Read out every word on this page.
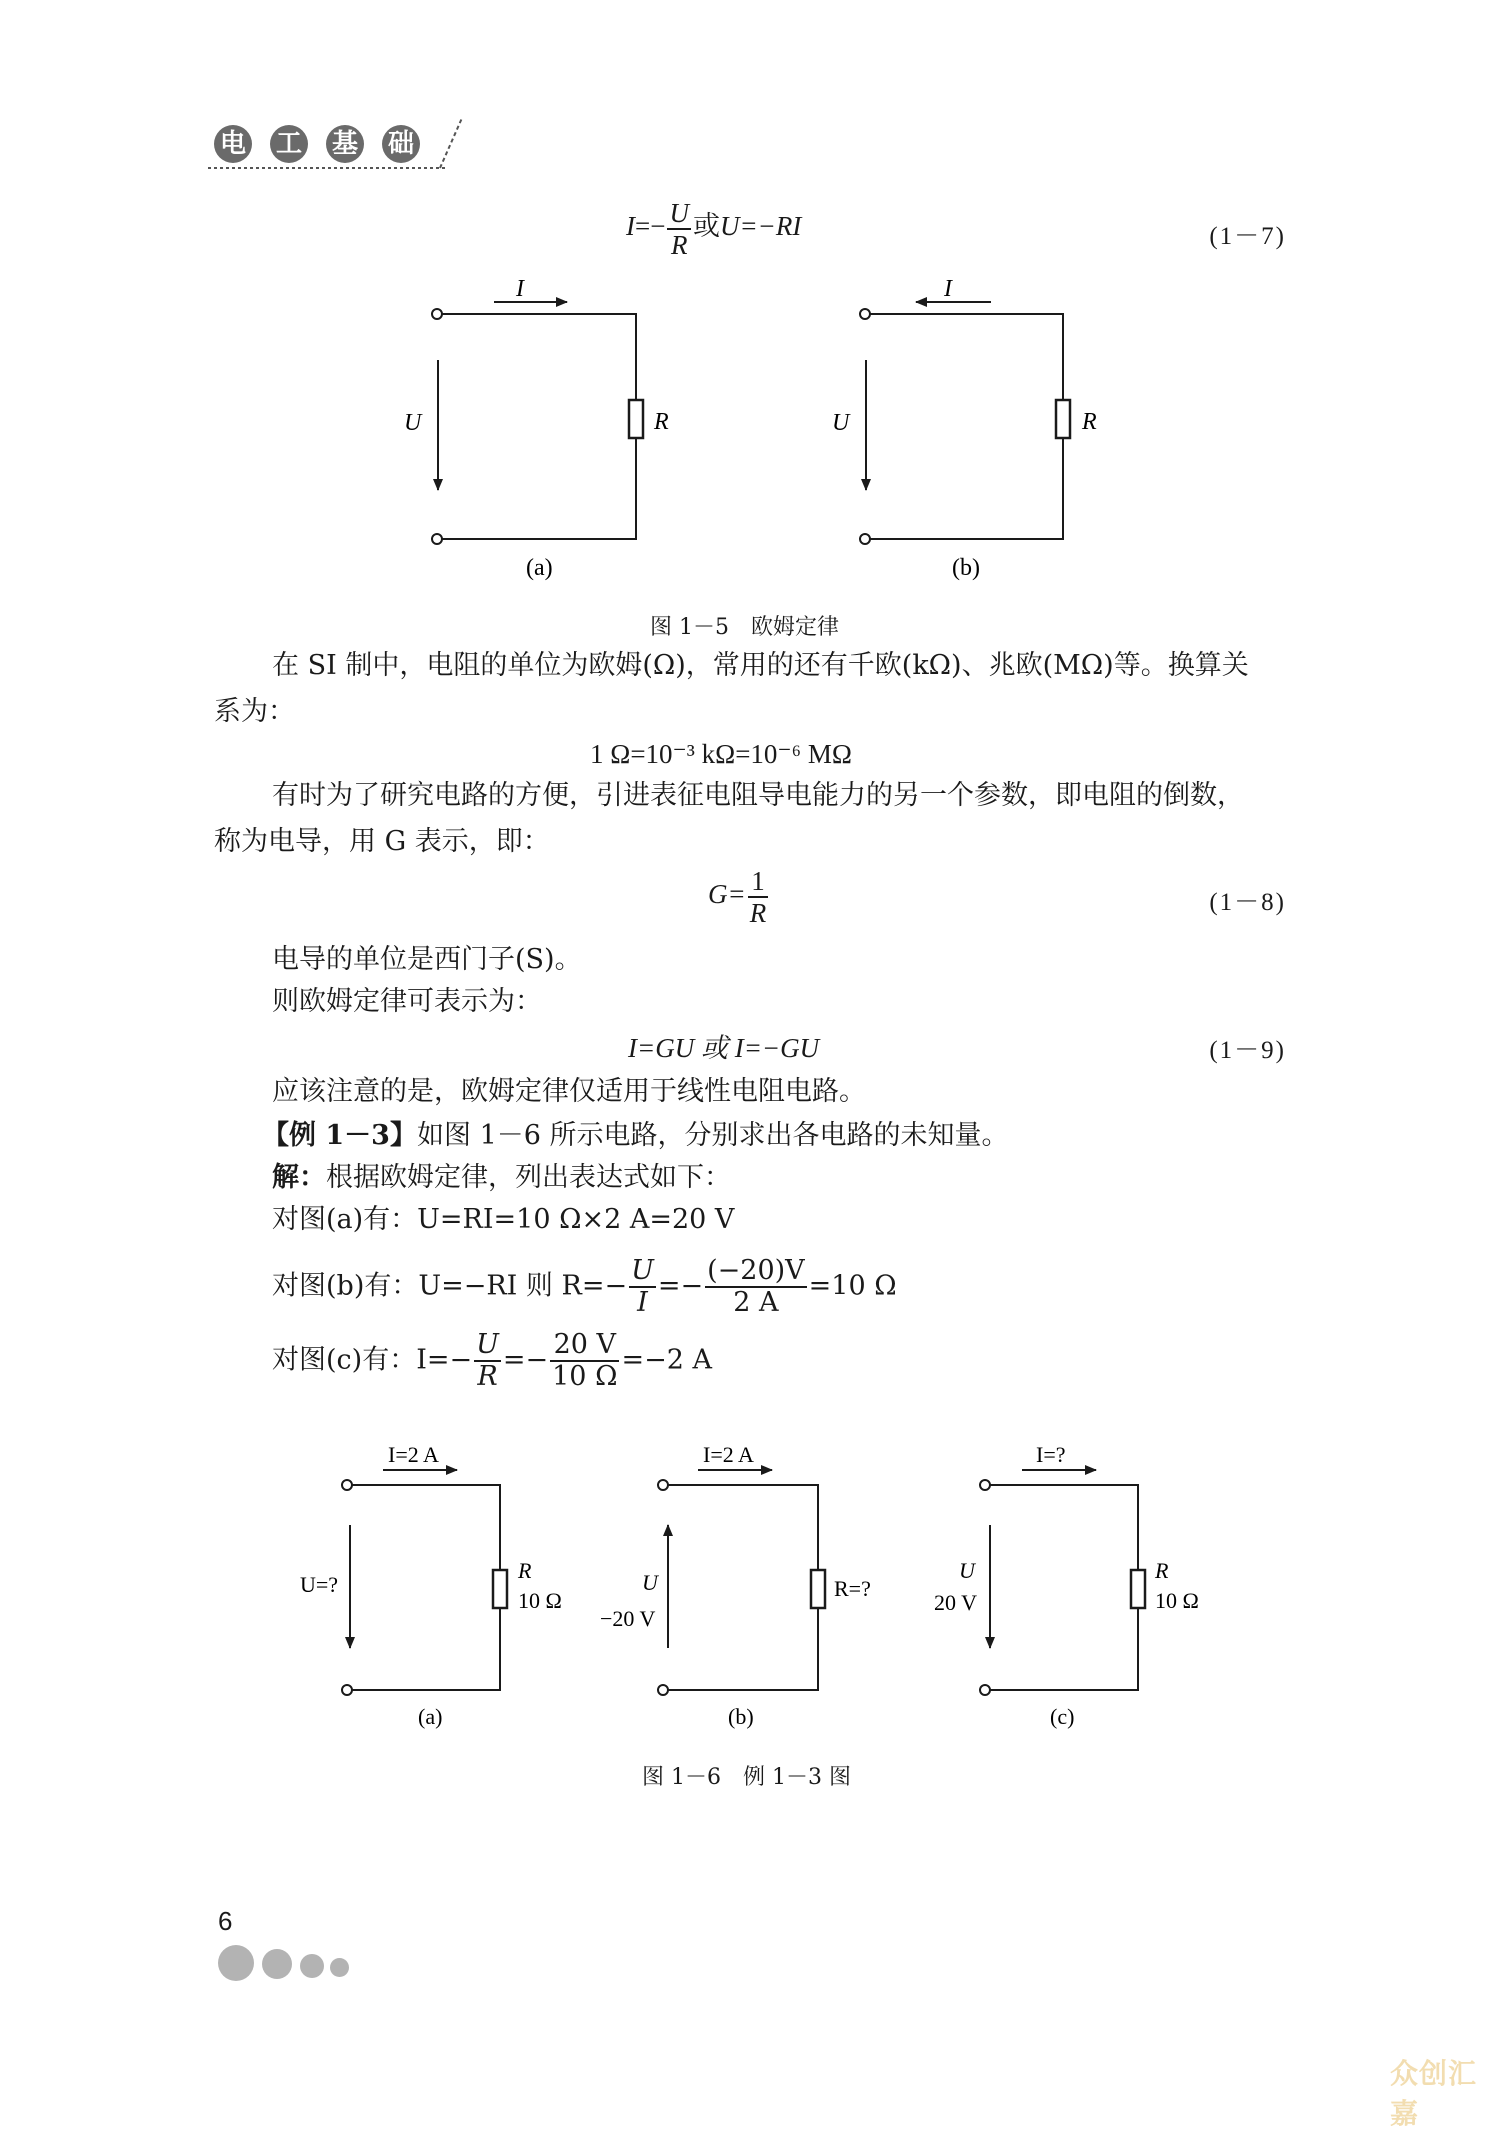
电 工 基 础
$I=- \frac{U}{R}$ 或U=−RI	(1－7)
I
U	R
(a)
I
U	R
(b)
图 1－5　欧姆定律
在 SI 制中，电阻的单位为欧姆(Ω)，常用的还有千欧(kΩ)、兆欧(MΩ)等。换算关
系为：
1 Ω=10⁻³ kΩ=10⁻⁶ MΩ
有时为了研究电路的方便，引进表征电阻导电能力的另一个参数，即电阻的倒数，
称为电导，用 G 表示，即：
$G= \frac{1}{R}$	(1－8)
电导的单位是西门子(S)。
则欧姆定律可表示为：
I=GU 或 I=−GU	(1－9)
应该注意的是，欧姆定律仅适用于线性电阻电路。
【例 1－3】如图 1－6 所示电路，分别求出各电路的未知量。
解：根据欧姆定律，列出表达式如下：
对图(a)有：U=RI=10 Ω×2 A=20 V
对图(b)有：U=−RI 则 $R=- \frac{U}{I} =- \frac{(-20)V}{2 A} =10$ Ω
对图(c)有：$I=- \frac{U}{R} =- \frac{20 V}{10 \Omega} =-2$ A
I=2 A
U=?
R
10 Ω
(a)
I=2 A
U
−20 V
R=?
(b)
I=?
U
20 V
R
10 Ω
(c)
图 1－6　例 1－3 图
6
众创汇嘉
